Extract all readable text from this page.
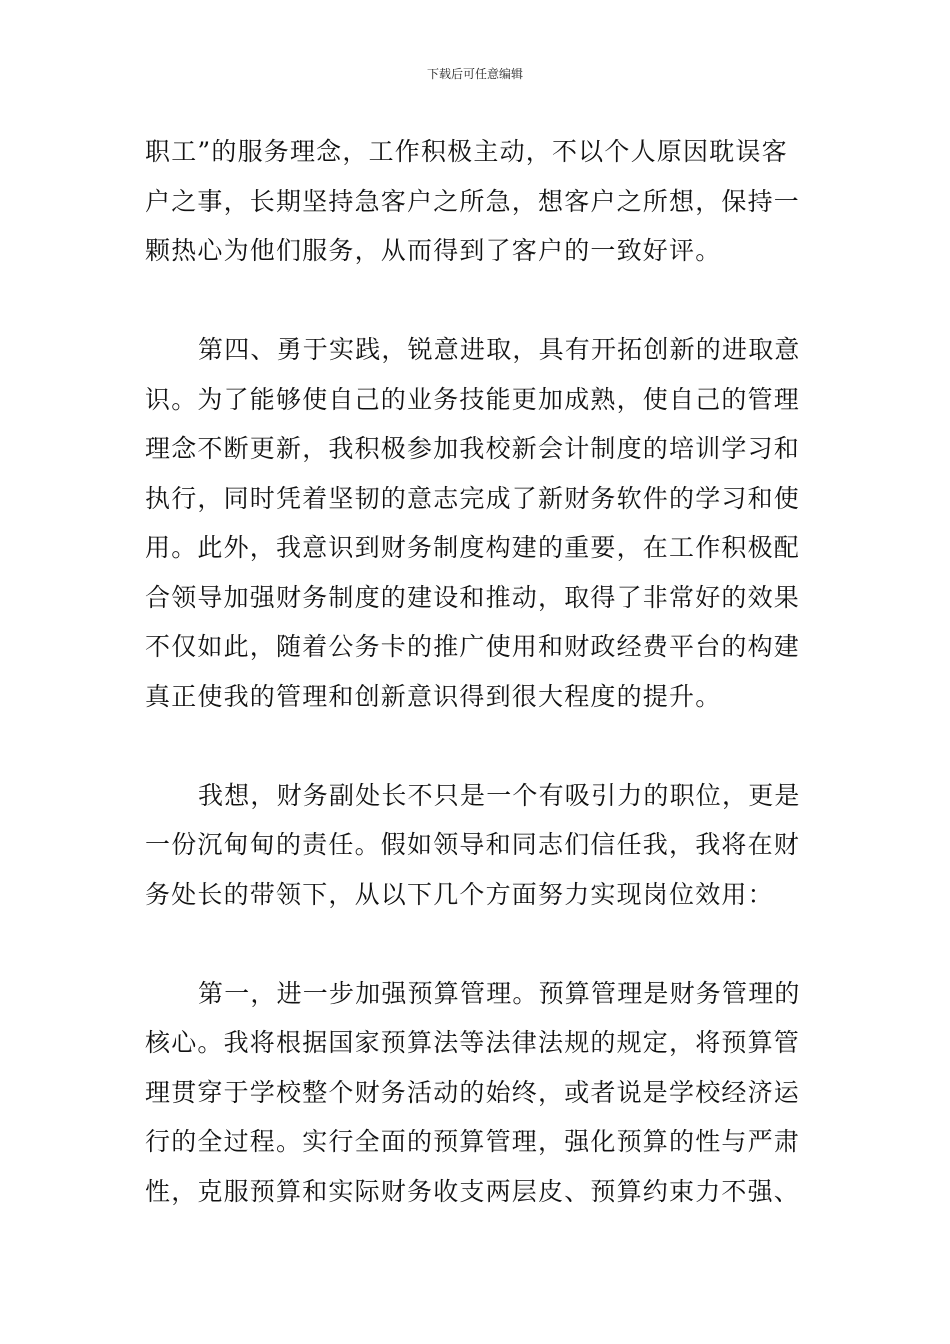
下载后可任意编辑
职工”的服务理念，工作积极主动，不以个人原因耽误客
户之事，长期坚持急客户之所急，想客户之所想，保持一
颗热心为他们服务，从而得到了客户的一致好评。
第四、勇于实践，锐意进取，具有开拓创新的进取意
识。为了能够使自己的业务技能更加成熟，使自己的管理
理念不断更新，我积极参加我校新会计制度的培训学习和
执行，同时凭着坚韧的意志完成了新财务软件的学习和使
用。此外，我意识到财务制度构建的重要，在工作积极配
合领导加强财务制度的建设和推动，取得了非常好的效果
不仅如此，随着公务卡的推广使用和财政经费平台的构建
真正使我的管理和创新意识得到很大程度的提升。
我想，财务副处长不只是一个有吸引力的职位，更是
一份沉甸甸的责任。假如领导和同志们信任我，我将在财
务处长的带领下，从以下几个方面努力实现岗位效用：
第一，进一步加强预算管理。预算管理是财务管理的
核心。我将根据国家预算法等法律法规的规定，将预算管
理贯穿于学校整个财务活动的始终，或者说是学校经济运
行的全过程。实行全面的预算管理，强化预算的性与严肃
性，克服预算和实际财务收支两层皮、预算约束力不强、
